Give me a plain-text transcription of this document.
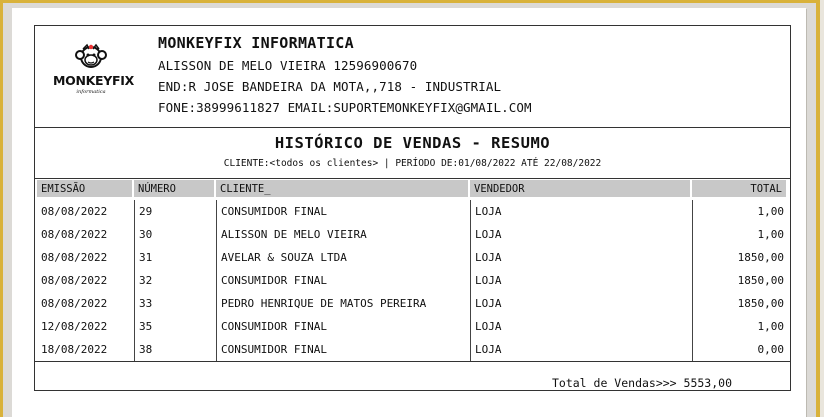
MONKEYFIX
informatica
MONKEYFIX INFORMATICA
ALISSON DE MELO VIEIRA 12596900670
END:R JOSE BANDEIRA DA MOTA,,718 - INDUSTRIAL
FONE:38999611827 EMAIL:SUPORTEMONKEYFIX@GMAIL.COM
HISTÓRICO DE VENDAS - RESUMO
CLIENTE:<todos os clientes> | PERÍODO DE:01/08/2022 ATÉ 22/08/2022
EMISSÃO	NÚMERO	CLIENTE_	VENDEDOR	TOTAL

08/08/2022	29	CONSUMIDOR FINAL	LOJA	1,00
08/08/2022	30	ALISSON DE MELO VIEIRA	LOJA	1,00
08/08/2022	31	AVELAR & SOUZA LTDA	LOJA	1850,00
08/08/2022	32	CONSUMIDOR FINAL	LOJA	1850,00
08/08/2022	33	PEDRO HENRIQUE DE MATOS PEREIRA	LOJA	1850,00
12/08/2022	35	CONSUMIDOR FINAL	LOJA	1,00
18/08/2022	38	CONSUMIDOR FINAL	LOJA	0,00
Total de Vendas>>> 5553,00
